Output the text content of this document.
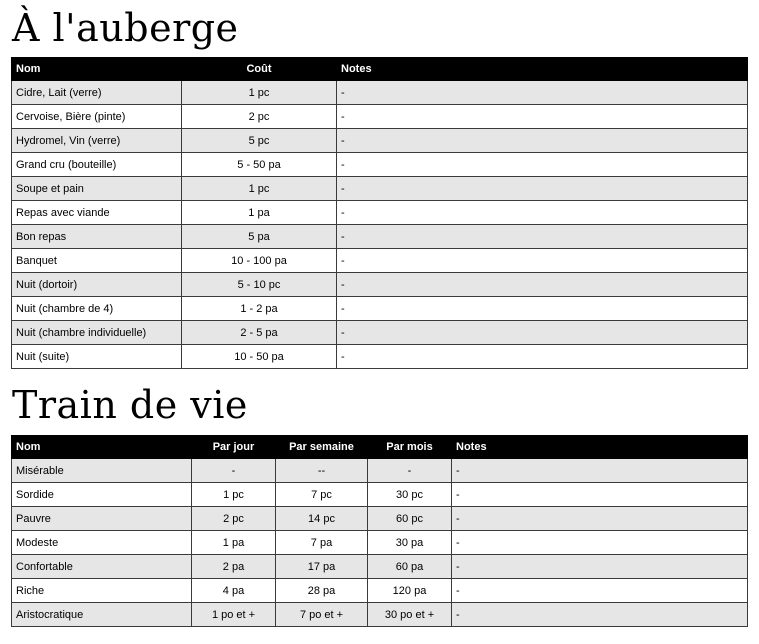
À l'auberge
Nom	Coût	Notes
Cidre, Lait (verre)	1 pc	-
Cervoise, Bière (pinte)	2 pc	-
Hydromel, Vin (verre)	5 pc	-
Grand cru (bouteille)	5 - 50 pa	-
Soupe et pain	1 pc	-
Repas avec viande	1 pa	-
Bon repas	5 pa	-
Banquet	10 - 100 pa	-
Nuit (dortoir)	5 - 10 pc	-
Nuit (chambre de 4)	1 - 2 pa	-
Nuit (chambre individuelle)	2 - 5 pa	-
Nuit (suite)	10 - 50 pa	-
Train de vie
Nom	Par jour	Par semaine	Par mois	Notes
Misérable	-	--	-	-
Sordide	1 pc	7 pc	30 pc	-
Pauvre	2 pc	14 pc	60 pc	-
Modeste	1 pa	7 pa	30 pa	-
Confortable	2 pa	17 pa	60 pa	-
Riche	4 pa	28 pa	120 pa	-
Aristocratique	1 po et +	7 po et +	30 po et +	-
